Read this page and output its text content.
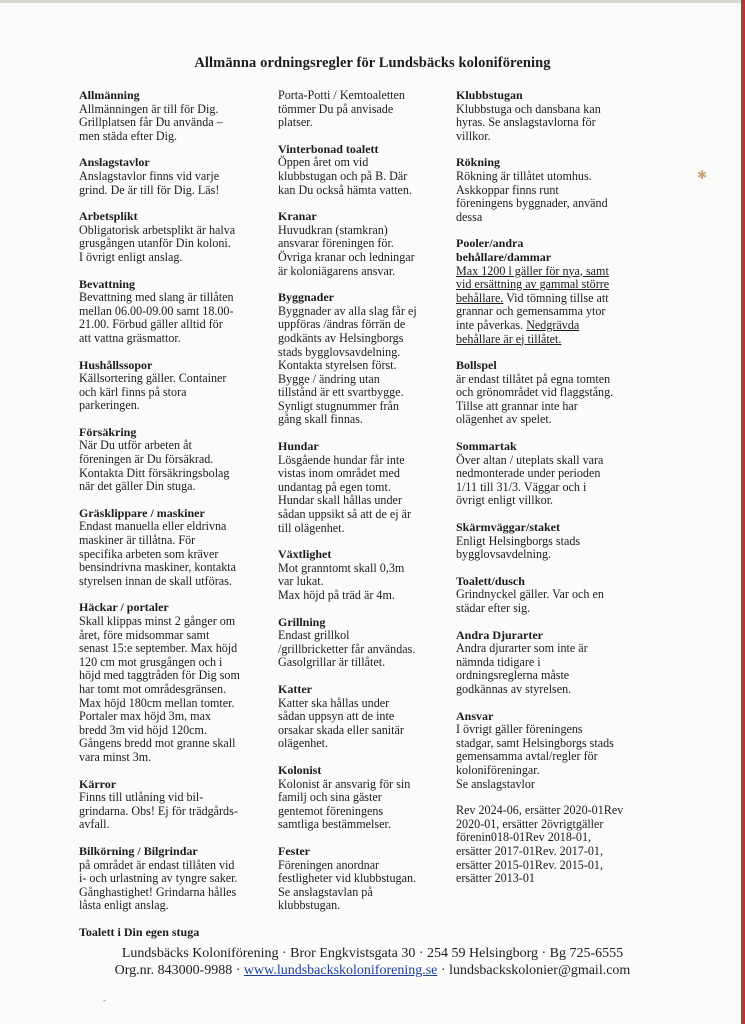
✱
-
Allmänna ordningsregler för Lundsbäcks koloniförening
Allmänning
Allmänningen är till för Dig.
Grillplatsen får Du använda –
men städa efter Dig.
Anslagstavlor
Anslagstavlor finns vid varje
grind. De är till för Dig. Läs!
Arbetsplikt
Obligatorisk arbetsplikt är halva
grusgången utanför Din koloni.
I övrigt enligt anslag.
Bevattning
Bevattning med slang är tillåten
mellan 06.00-09.00 samt 18.00-
21.00. Förbud gäller alltid för
att vattna gräsmattor.
Hushållssopor
Källsortering gäller. Container
och kärl finns på stora
parkeringen.
Försäkring
När Du utför arbeten åt
föreningen är Du försäkrad.
Kontakta Ditt försäkringsbolag
när det gäller Din stuga.
Gräsklippare / maskiner
Endast manuella eller eldrivna
maskiner är tillåtna. För
specifika arbeten som kräver
bensindrivna maskiner, kontakta
styrelsen innan de skall utföras.
Häckar / portaler
Skall klippas minst 2 gånger om
året, före midsommar samt
senast 15:e september. Max höjd
120 cm mot grusgången och i
höjd med taggtråden för Dig som
har tomt mot områdesgränsen.
Max höjd 180cm mellan tomter.
Portaler max höjd 3m, max
bredd 3m vid höjd 120cm.
Gångens bredd mot granne skall
vara minst 3m.
Kärror
Finns till utlåning vid bil-
grindarna. Obs! Ej för trädgårds-
avfall.
Bilkörning / Bilgrindar
på området är endast tillåten vid
i- och urlastning av tyngre saker.
Gånghastighet! Grindarna hålles
låsta enligt anslag.
Toalett i Din egen stuga
Porta-Potti / Kemtoaletten
tömmer Du på anvisade
platser.
Vinterbonad toalett
Öppen året om vid
klubbstugan och på B. Där
kan Du också hämta vatten.
Kranar
Huvudkran (stamkran)
ansvarar föreningen för.
Övriga kranar och ledningar
är koloniägarens ansvar.
Byggnader
Byggnader av alla slag får ej
uppföras /ändras förrän de
godkänts av Helsingborgs
stads bygglovsavdelning.
Kontakta styrelsen först.
Bygge / ändring utan
tillstånd är ett svartbygge.
Synligt stugnummer från
gång skall finnas.
Hundar
Lösgående hundar får inte
vistas inom området med
undantag på egen tomt.
Hundar skall hållas under
sådan uppsikt så att de ej är
till olägenhet.
Växtlighet
Mot granntomt skall 0,3m
var lukat.
Max höjd på träd är 4m.
Grillning
Endast grillkol
/grillbricketter får användas.
Gasolgrillar är tillåtet.
Katter
Katter ska hållas under
sådan uppsyn att de inte
orsakar skada eller sanitär
olägenhet.
Kolonist
Kolonist är ansvarig för sin
familj och sina gäster
gentemot föreningens
samtliga bestämmelser.
Fester
Föreningen anordnar
festligheter vid klubbstugan.
Se anslagstavlan på
klubbstugan.
Klubbstugan
Klubbstuga och dansbana kan
hyras. Se anslagstavlorna för
villkor.
Rökning
Rökning är tillåtet utomhus.
Askkoppar finns runt
föreningens byggnader, använd
dessa
Pooler/andra
behållare/dammar
Max 1200 l gäller för nya, samt
vid ersättning av gammal större
behållare. Vid tömning tillse att
grannar och gemensamma ytor
inte påverkas. Nedgrävda
behållare är ej tillåtet.
Bollspel
är endast tillåtet på egna tomten
och grönområdet vid flaggstång.
Tillse att grannar inte har
olägenhet av spelet.
Sommartak
Över altan / uteplats skall vara
nedmonterade under perioden
1/11 till 31/3. Väggar och i
övrigt enligt villkor.
Skärmväggar/staket
Enligt Helsingborgs stads
bygglovsavdelning.
Toalett/dusch
Grindnyckel gäller. Var och en
städar efter sig.
Andra Djurarter
Andra djurarter som inte är
nämnda tidigare i
ordningsreglerna måste
godkännas av styrelsen.
Ansvar
I övrigt gäller föreningens
stadgar, samt Helsingborgs stads
gemensamma avtal/regler för
koloniföreningar.
Se anslagstavlor
Rev 2024-06, ersätter 2020-01Rev 2020-01, ersätter 2övrigtgäller förenin018-01Rev 2018-01, ersätter 2017-01Rev. 2017-01, ersätter 2015-01Rev. 2015-01, ersätter 2013-01
Lundsbäcks Koloniförening · Bror Engkvistsgata 30 · 254 59 Helsingborg · Bg 725-6555
Org.nr. 843000-9988 · www.lundsbackskoloniforening.se · lundsbackskolonier@gmail.com
